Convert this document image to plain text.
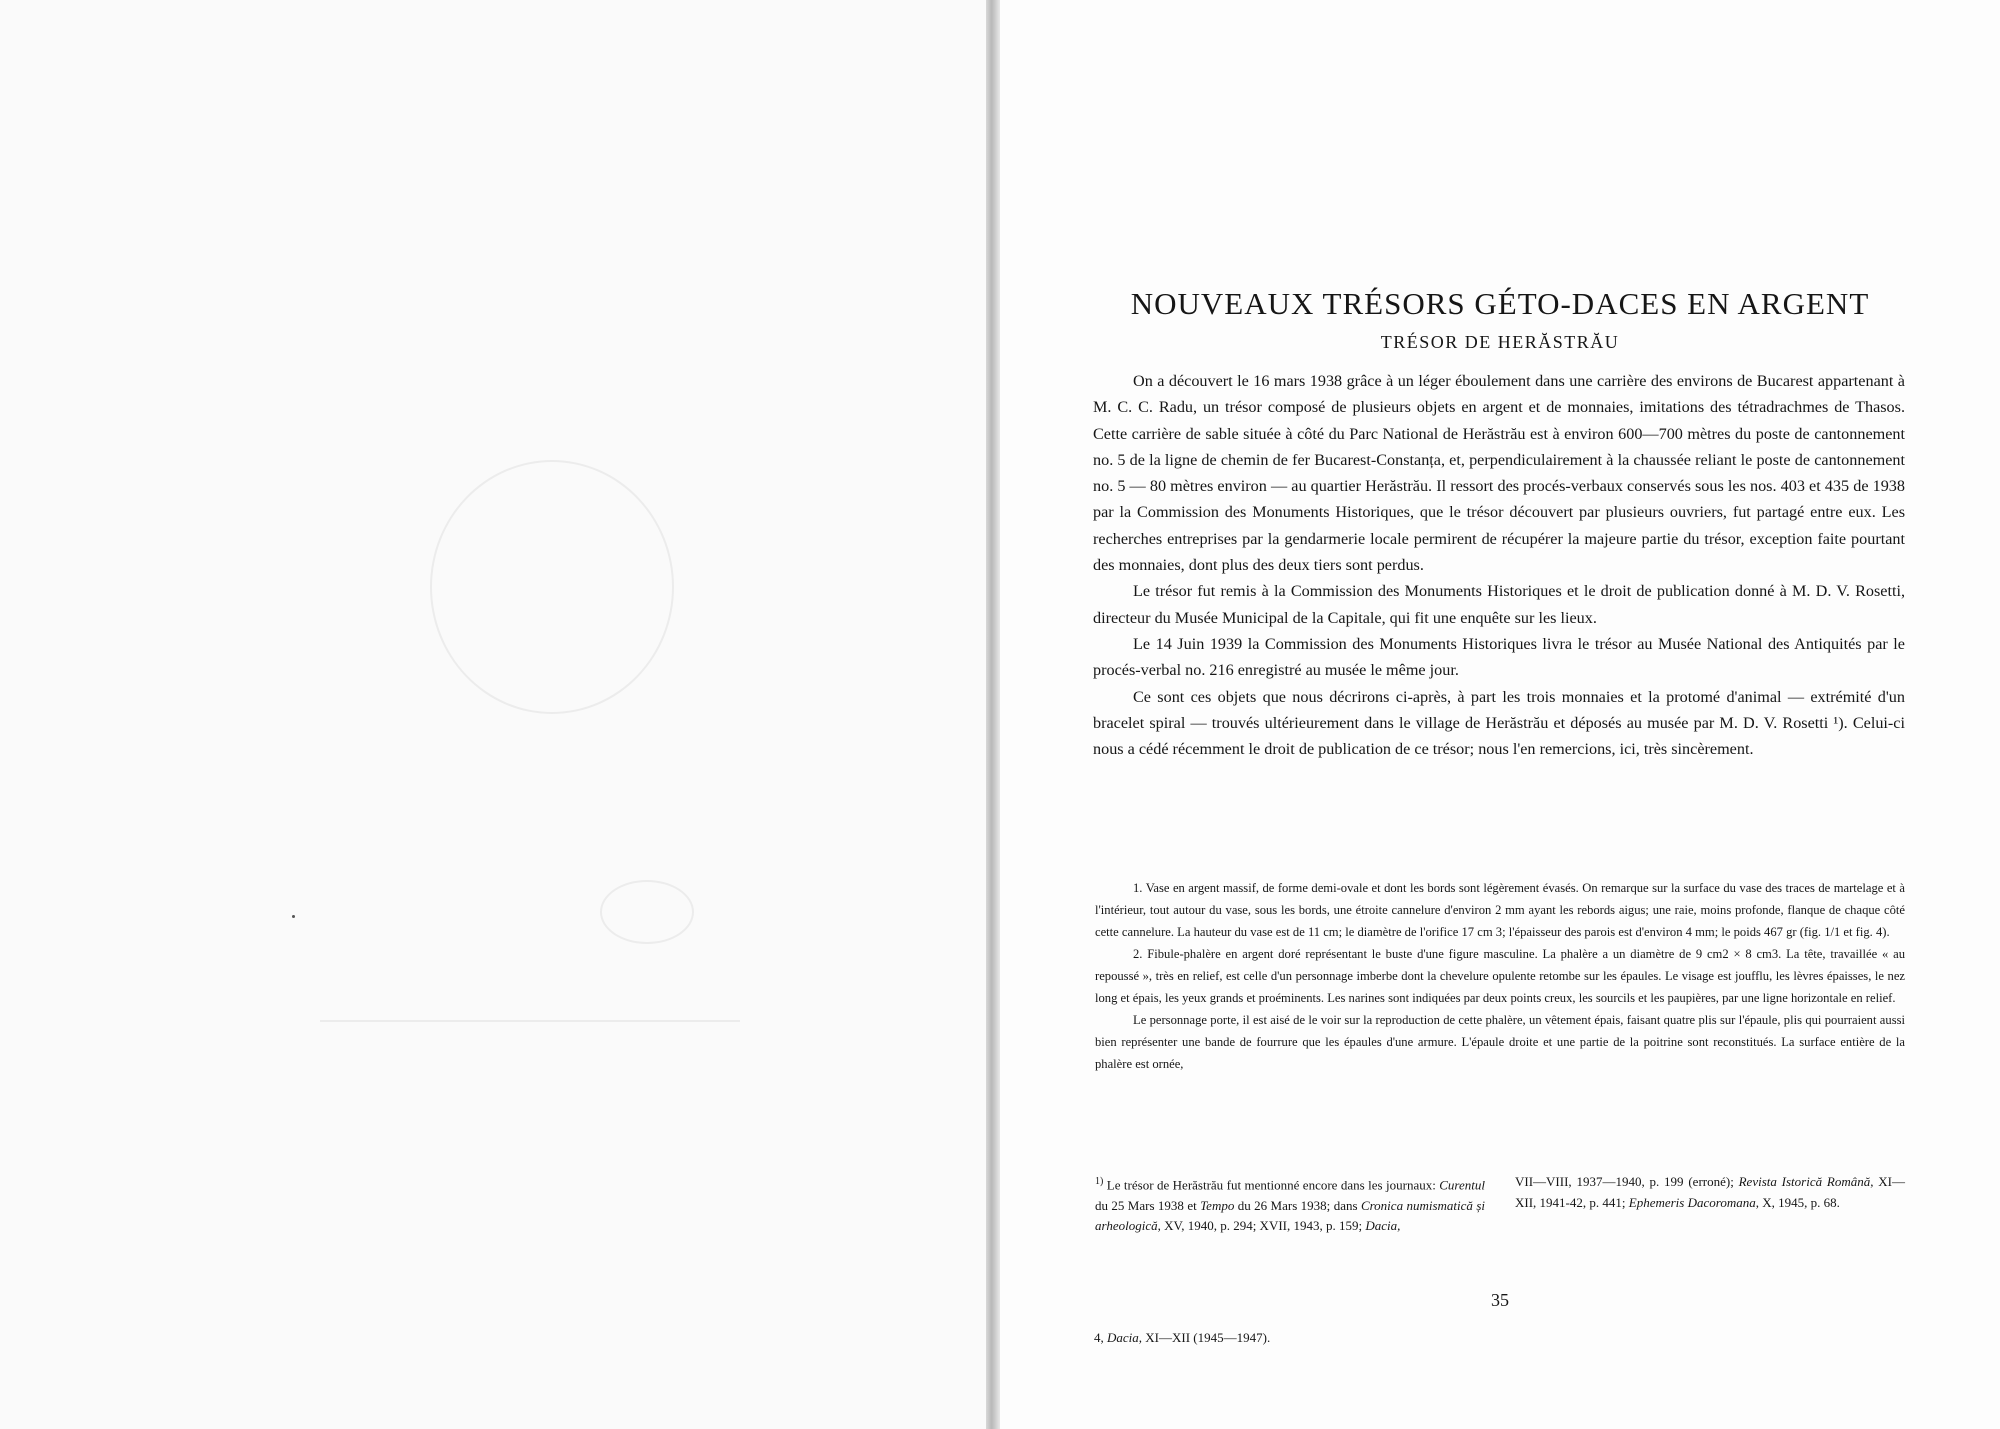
NOUVEAUX TRÉSORS GÉTO-DACES EN ARGENT
TRÉSOR DE HERĂSTRĂU

On a découvert le 16 mars 1938 grâce à un léger éboulement dans une carrière des environs de Bucarest appartenant à M. C. C. Radu, un trésor composé de plusieurs objets en argent et de monnaies, imitations des tétradrachmes de Thasos. Cette carrière de sable située à côté du Parc National de Herăstrău est à environ 600—700 mètres du poste de cantonnement no. 5 de la ligne de chemin de fer Bucarest-Constanța, et, perpendiculairement à la chaussée reliant le poste de cantonnement no. 5 — 80 mètres environ — au quartier Herăstrău. Il ressort des procés-verbaux conservés sous les nos. 403 et 435 de 1938 par la Commission des Monuments Historiques, que le trésor découvert par plusieurs ouvriers, fut partagé entre eux. Les recherches entreprises par la gendarmerie locale permirent de récupérer la majeure partie du trésor, exception faite pourtant des monnaies, dont plus des deux tiers sont perdus.

Le trésor fut remis à la Commission des Monuments Historiques et le droit de publication donné à M. D. V. Rosetti, directeur du Musée Municipal de la Capitale, qui fit une enquête sur les lieux.

Le 14 Juin 1939 la Commission des Monuments Historiques livra le trésor au Musée National des Antiquités par le procés-verbal no. 216 enregistré au musée le même jour.

Ce sont ces objets que nous décrirons ci-après, à part les trois monnaies et la protomé d'animal — extrémité d'un bracelet spiral — trouvés ultérieurement dans le village de Herăstrău et déposés au musée par M. D. V. Rosetti ¹). Celui-ci nous a cédé récemment le droit de publication de ce trésor; nous l'en remercions, ici, très sincèrement.

1. Vase en argent massif, de forme demi-ovale et dont les bords sont légèrement évasés. On remarque sur la surface du vase des traces de martelage et à l'intérieur, tout autour du vase, sous les bords, une étroite cannelure d'environ 2 mm ayant les rebords aigus; une raie, moins profonde, flanque de chaque côté cette cannelure. La hauteur du vase est de 11 cm; le diamètre de l'orifice 17 cm 3; l'épaisseur des parois est d'environ 4 mm; le poids 467 gr (fig. 1/1 et fig. 4).

2. Fibule-phalère en argent doré représentant le buste d'une figure masculine. La phalère a un diamètre de 9 cm2 × 8 cm3. La tête, travaillée « au repoussé », très en relief, est celle d'un personnage imberbe dont la chevelure opulente retombe sur les épaules. Le visage est joufflu, les lèvres épaisses, le nez long et épais, les yeux grands et proéminents. Les narines sont indiquées par deux points creux, les sourcils et les paupières, par une ligne horizontale en relief.

Le personnage porte, il est aisé de le voir sur la reproduction de cette phalère, un vêtement épais, faisant quatre plis sur l'épaule, plis qui pourraient aussi bien représenter une bande de fourrure que les épaules d'une armure. L'épaule droite et une partie de la poitrine sont reconstitués. La surface entière de la phalère est ornée,

$^{1)}$ Le trésor de Herăstrău fut mentionné encore dans les journaux: Curentul du 25 Mars 1938 et Tempo du 26 Mars 1938; dans Cronica numismatică și arheologică, XV, 1940, p. 294; XVII, 1943, p. 159; Dacia,
VII—VIII, 1937—1940, p. 199 (erroné); Revista Istorică Română, XI—XII, 1941-42, p. 441; Ephemeris Dacoromana, X, 1945, p. 68.
35
4, Dacia, XI—XII (1945—1947).
